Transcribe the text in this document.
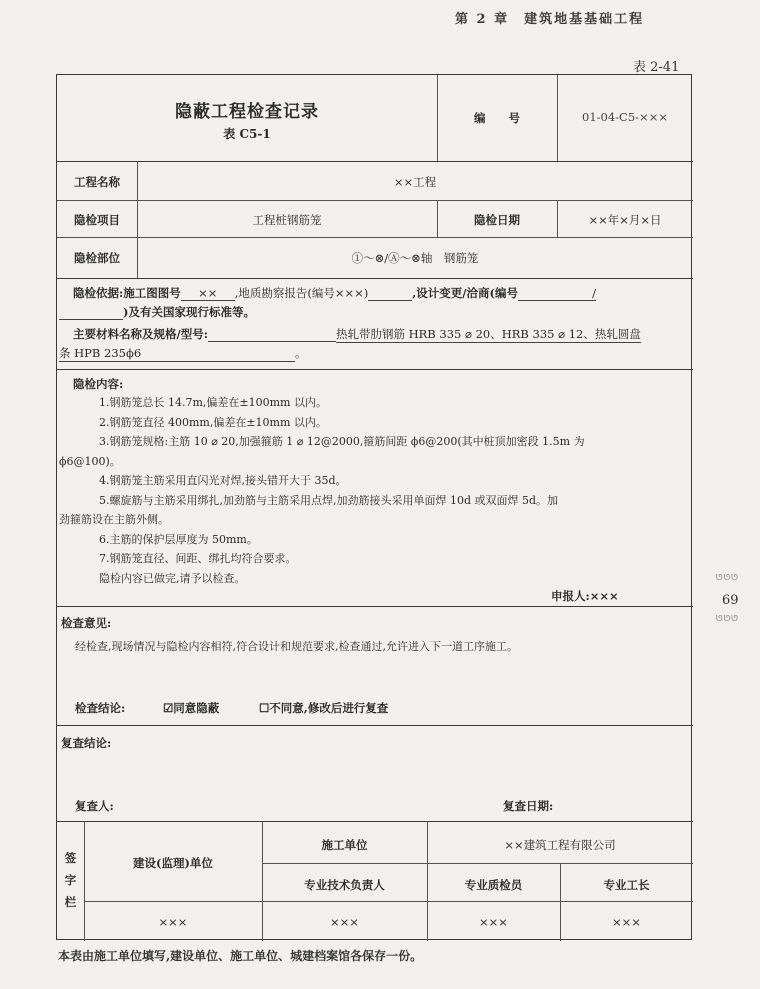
第 2 章　建筑地基基础工程
表 2-41
ᘎᘎᘎ
69
ᘎᘎᘎ
隐蔽工程检查记录
表 C5-1
编　　号	01-04-C5-×××
工程名称	××工程
隐检项目	工程桩钢筋笼	隐检日期	××年×月×日
隐检部位	①～⊗/Ⓐ～⊗轴　钢筋笼
隐检依据:施工图图号 ×× ,地质勘察报告(编号×××)	,设计变更/洽商(编号	/
)及有关国家现行标准等。
主要材料名称及规格/型号:	热轧带肋钢筋 HRB 335 ⌀ 20、HRB 335 ⌀ 12、热轧圆盘
条 HPB 235ϕ6	。
隐检内容:
1.钢筋笼总长 14.7m,偏差在±100mm 以内。
2.钢筋笼直径 400mm,偏差在±10mm 以内。
3.钢筋笼规格:主筋 10 ⌀ 20,加强箍筋 1 ⌀ 12@2000,箍筋间距 ϕ6@200(其中桩顶加密段 1.5m 为
ϕ6@100)。
4.钢筋笼主筋采用直闪光对焊,接头错开大于 35d。
5.螺旋筋与主筋采用绑扎,加劲筋与主筋采用点焊,加劲筋接头采用单面焊 10d 或双面焊 5d。加
劲箍筋设在主筋外侧。
6.主筋的保护层厚度为 50mm。
7.钢筋笼直径、间距、绑扎均符合要求。
隐检内容已做完,请予以检查。
申报人:×××
检查意见:
经检查,现场情况与隐检内容相符,符合设计和规范要求,检查通过,允许进入下一道工序施工。
检查结论:	☑同意隐蔽	☐不同意,修改后进行复查
复查结论:
复查人:	复查日期:
签
字
栏
建设(监理)单位
施工单位	××建筑工程有限公司
专业技术负责人	专业质检员	专业工长
×××	×××	×××	×××
本表由施工单位填写,建设单位、施工单位、城建档案馆各保存一份。
